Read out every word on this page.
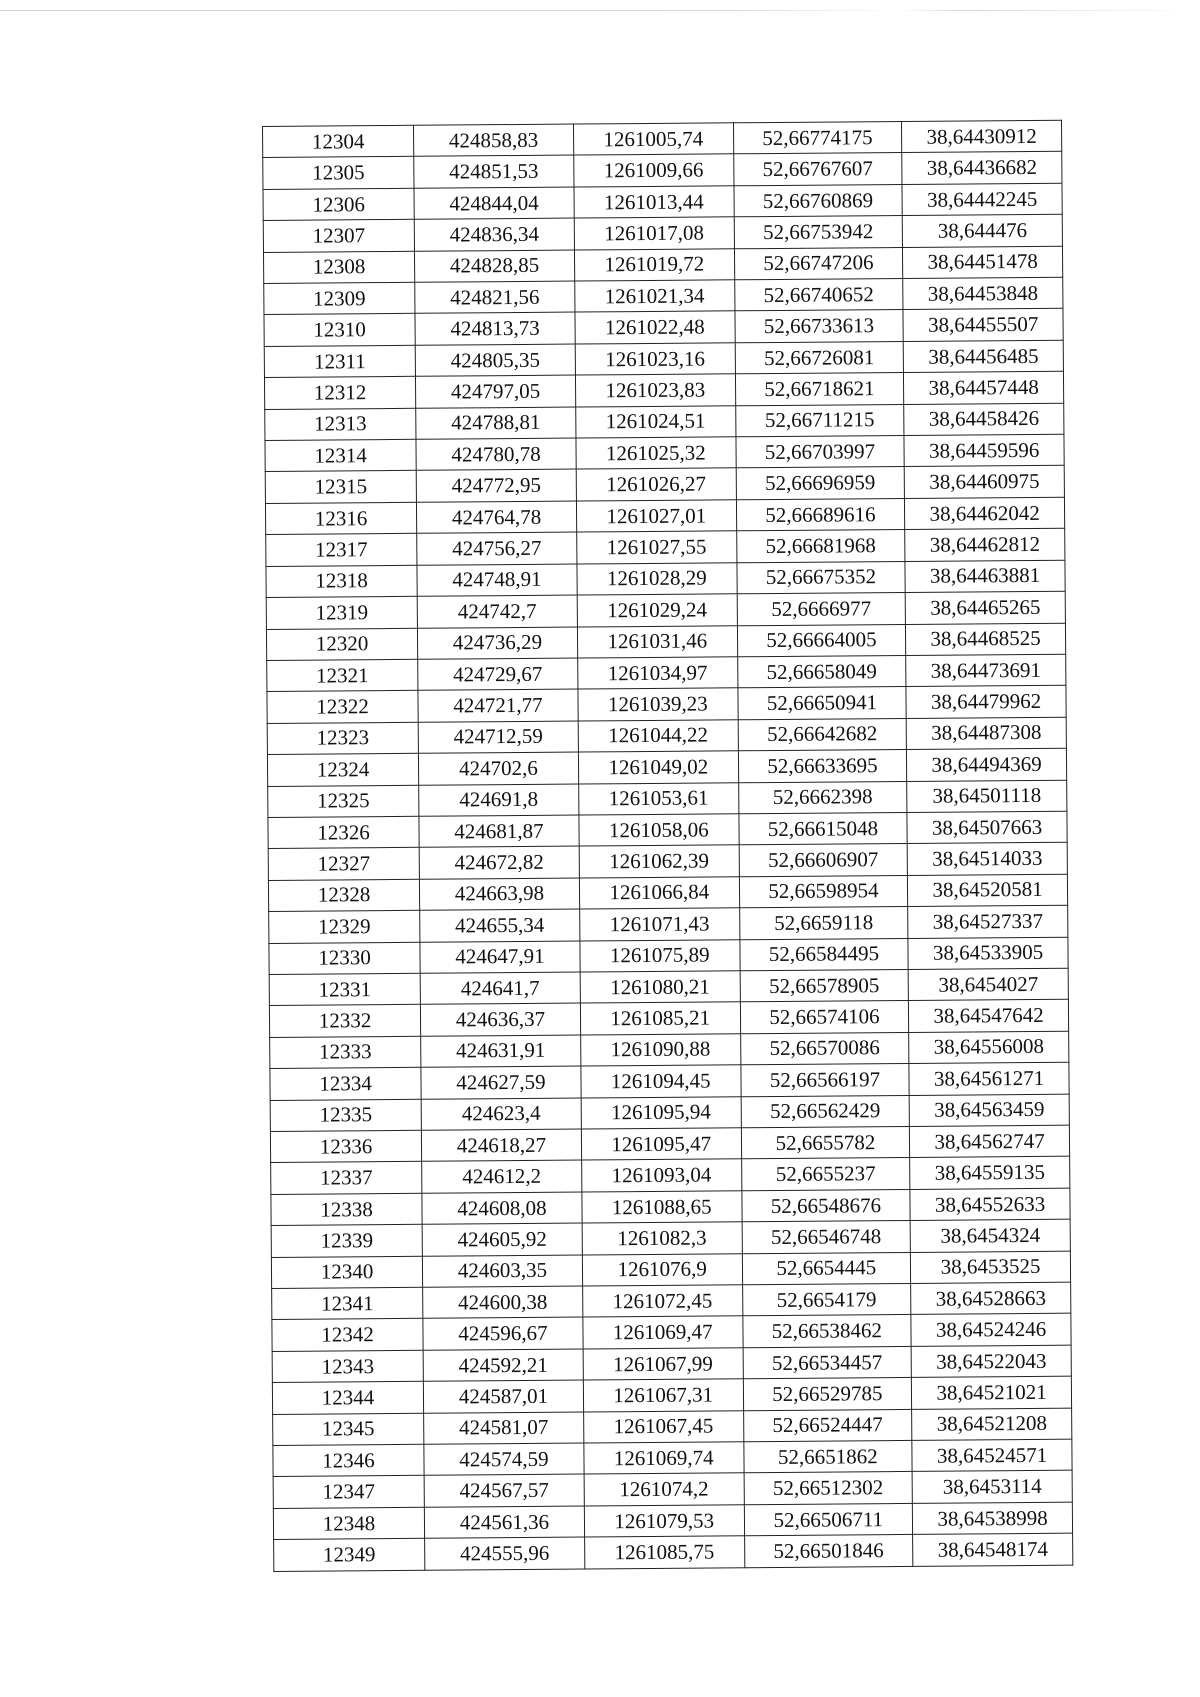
12304	424858,83	1261005,74	52,66774175	38,64430912
12305	424851,53	1261009,66	52,66767607	38,64436682
12306	424844,04	1261013,44	52,66760869	38,64442245
12307	424836,34	1261017,08	52,66753942	38,644476
12308	424828,85	1261019,72	52,66747206	38,64451478
12309	424821,56	1261021,34	52,66740652	38,64453848
12310	424813,73	1261022,48	52,66733613	38,64455507
12311	424805,35	1261023,16	52,66726081	38,64456485
12312	424797,05	1261023,83	52,66718621	38,64457448
12313	424788,81	1261024,51	52,66711215	38,64458426
12314	424780,78	1261025,32	52,66703997	38,64459596
12315	424772,95	1261026,27	52,66696959	38,64460975
12316	424764,78	1261027,01	52,66689616	38,64462042
12317	424756,27	1261027,55	52,66681968	38,64462812
12318	424748,91	1261028,29	52,66675352	38,64463881
12319	424742,7	1261029,24	52,6666977	38,64465265
12320	424736,29	1261031,46	52,66664005	38,64468525
12321	424729,67	1261034,97	52,66658049	38,64473691
12322	424721,77	1261039,23	52,66650941	38,64479962
12323	424712,59	1261044,22	52,66642682	38,64487308
12324	424702,6	1261049,02	52,66633695	38,64494369
12325	424691,8	1261053,61	52,6662398	38,64501118
12326	424681,87	1261058,06	52,66615048	38,64507663
12327	424672,82	1261062,39	52,66606907	38,64514033
12328	424663,98	1261066,84	52,66598954	38,64520581
12329	424655,34	1261071,43	52,6659118	38,64527337
12330	424647,91	1261075,89	52,66584495	38,64533905
12331	424641,7	1261080,21	52,66578905	38,6454027
12332	424636,37	1261085,21	52,66574106	38,64547642
12333	424631,91	1261090,88	52,66570086	38,64556008
12334	424627,59	1261094,45	52,66566197	38,64561271
12335	424623,4	1261095,94	52,66562429	38,64563459
12336	424618,27	1261095,47	52,6655782	38,64562747
12337	424612,2	1261093,04	52,6655237	38,64559135
12338	424608,08	1261088,65	52,66548676	38,64552633
12339	424605,92	1261082,3	52,66546748	38,6454324
12340	424603,35	1261076,9	52,6654445	38,6453525
12341	424600,38	1261072,45	52,6654179	38,64528663
12342	424596,67	1261069,47	52,66538462	38,64524246
12343	424592,21	1261067,99	52,66534457	38,64522043
12344	424587,01	1261067,31	52,66529785	38,64521021
12345	424581,07	1261067,45	52,66524447	38,64521208
12346	424574,59	1261069,74	52,6651862	38,64524571
12347	424567,57	1261074,2	52,66512302	38,6453114
12348	424561,36	1261079,53	52,66506711	38,64538998
12349	424555,96	1261085,75	52,66501846	38,64548174
